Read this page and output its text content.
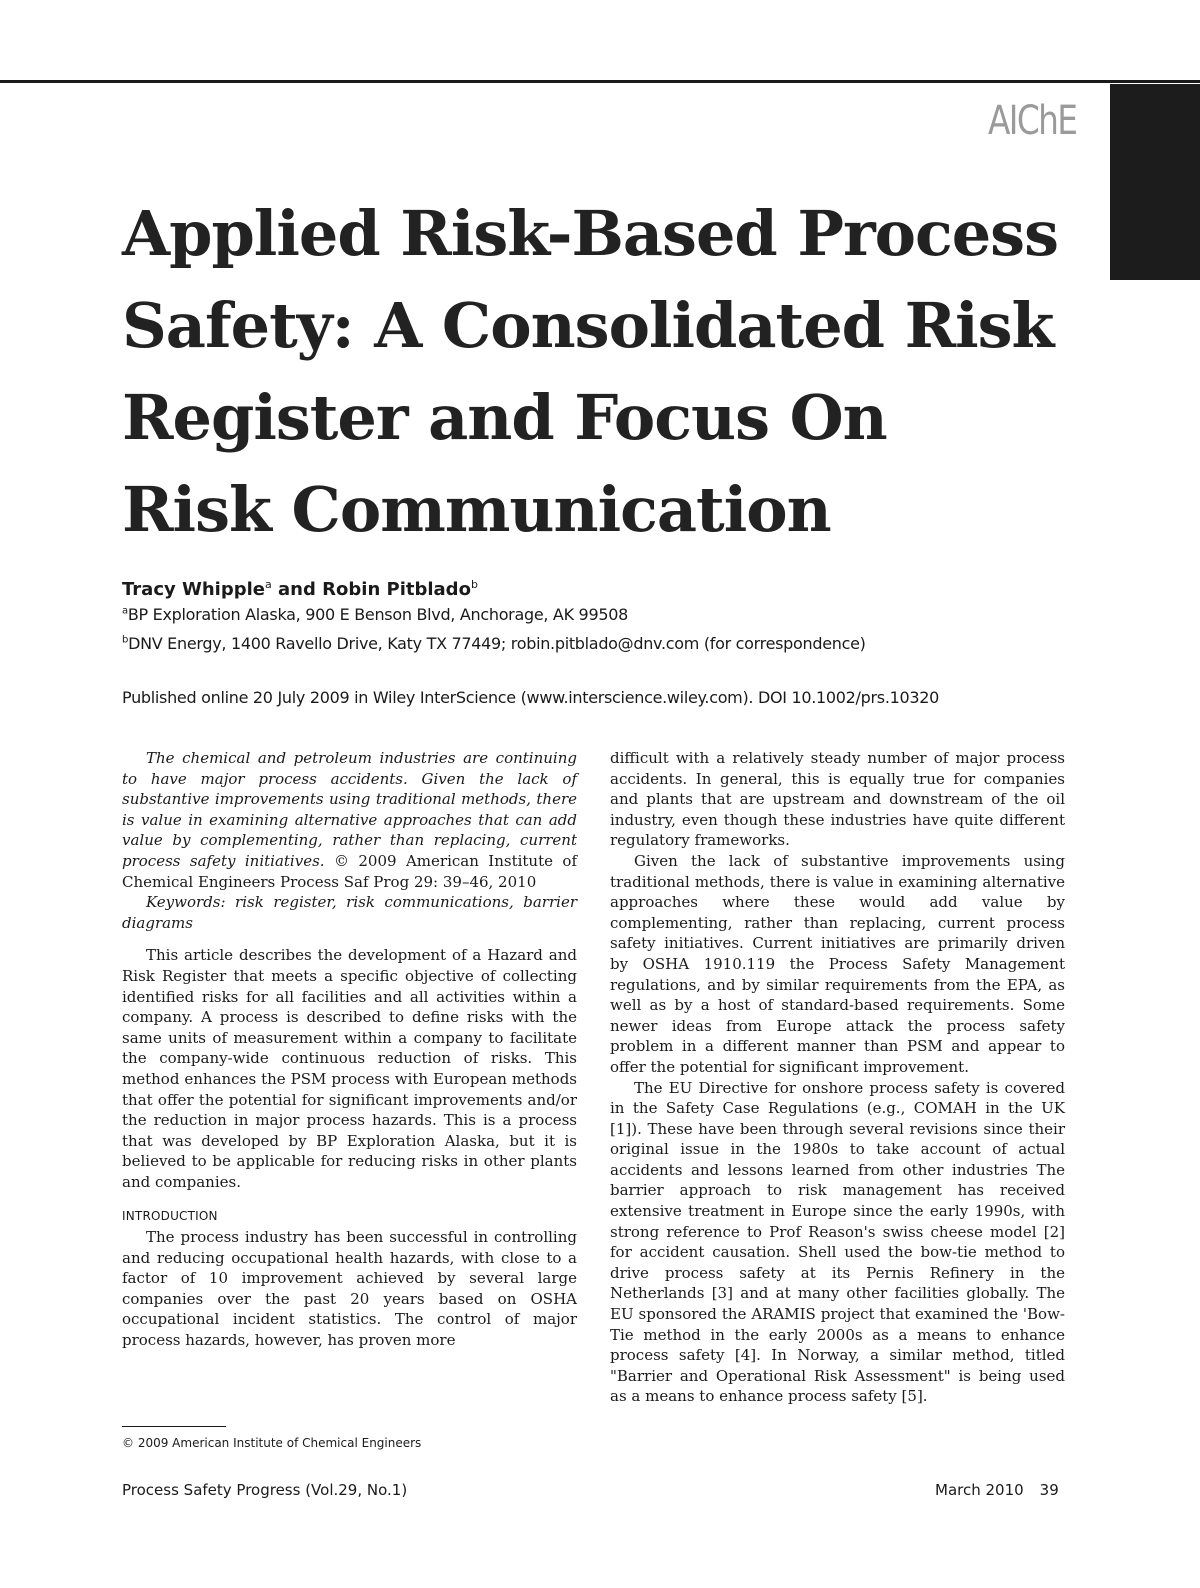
AIChE
Applied Risk-Based Process
Safety: A Consolidated Risk
Register and Focus On
Risk Communication
Tracy Whipple$^a$ and Robin Pitblado$^b$
$^a$BP Exploration Alaska, 900 E Benson Blvd, Anchorage, AK 99508
$^b$DNV Energy, 1400 Ravello Drive, Katy TX 77449; robin.pitblado@dnv.com (for correspondence)
Published online 20 July 2009 in Wiley InterScience (www.interscience.wiley.com). DOI 10.1002/prs.10320

The chemical and petroleum industries are continuing to have major process accidents. Given the lack of substantive improvements using traditional methods, there is value in examining alternative approaches that can add value by complementing, rather than replacing, current process safety initiatives. © 2009 American Institute of Chemical Engineers Process Saf Prog 29: 39–46, 2010

Keywords: risk register, risk communications, barrier diagrams

This article describes the development of a Hazard and Risk Register that meets a specific objective of collecting identified risks for all facilities and all activities within a company. A process is described to define risks with the same units of measurement within a company to facilitate the company-wide continuous reduction of risks. This method enhances the PSM process with European methods that offer the potential for significant improvements and/or the reduction in major process hazards. This is a process that was developed by BP Exploration Alaska, but it is believed to be applicable for reducing risks in other plants and companies.

INTRODUCTION

The process industry has been successful in controlling and reducing occupational health hazards, with close to a factor of 10 improvement achieved by several large companies over the past 20 years based on OSHA occupational incident statistics. The control of major process hazards, however, has proven more

difficult with a relatively steady number of major process accidents. In general, this is equally true for companies and plants that are upstream and downstream of the oil industry, even though these industries have quite different regulatory frameworks.

Given the lack of substantive improvements using traditional methods, there is value in examining alternative approaches where these would add value by complementing, rather than replacing, current process safety initiatives. Current initiatives are primarily driven by OSHA 1910.119 the Process Safety Management regulations, and by similar requirements from the EPA, as well as by a host of standard-based requirements. Some newer ideas from Europe attack the process safety problem in a different manner than PSM and appear to offer the potential for significant improvement.

The EU Directive for onshore process safety is covered in the Safety Case Regulations (e.g., COMAH in the UK [1]). These have been through several revisions since their original issue in the 1980s to take account of actual accidents and lessons learned from other industries The barrier approach to risk management has received extensive treatment in Europe since the early 1990s, with strong reference to Prof Reason's swiss cheese model [2] for accident causation. Shell used the bow-tie method to drive process safety at its Pernis Refinery in the Netherlands [3] and at many other facilities globally. The EU sponsored the ARAMIS project that examined the 'Bow-Tie method in the early 2000s as a means to enhance process safety [4]. In Norway, a similar method, titled "Barrier and Operational Risk Assessment" is being used as a means to enhance process safety [5].

© 2009 American Institute of Chemical Engineers
Process Safety Progress (Vol.29, No.1)	March 2010 39
